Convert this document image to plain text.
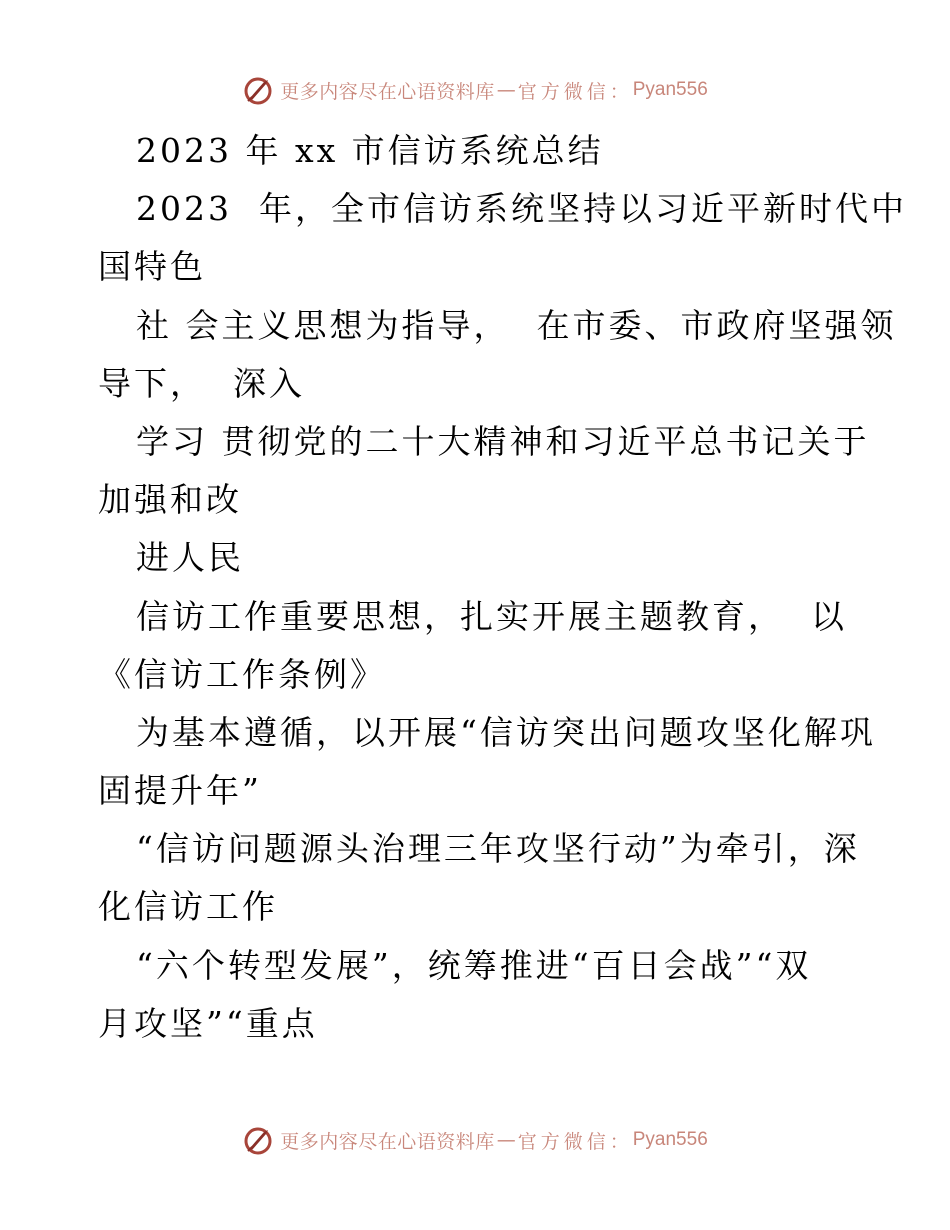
更多内容尽在心语资料库 — 官方微信： Pyan556
2023 年 xx 市信访系统总结
2023  年，全市信访系统坚持以习近平新时代中
国特色
社 会主义思想为指导，  在市委、市政府坚强领
导下，  深入
学习 贯彻党的二十大精神和习近平总书记关于
加强和改
进人民
信访工作重要思想，扎实开展主题教育，  以
《信访工作条例》
为基本遵循，以开展“信访突出问题攻坚化解巩
固提升年”
“信访问题源头治理三年攻坚行动”为牵引，深
化信访工作
“六个转型发展”，统筹推进“百日会战”“双
月攻坚”“重点
更多内容尽在心语资料库 — 官方微信： Pyan556
